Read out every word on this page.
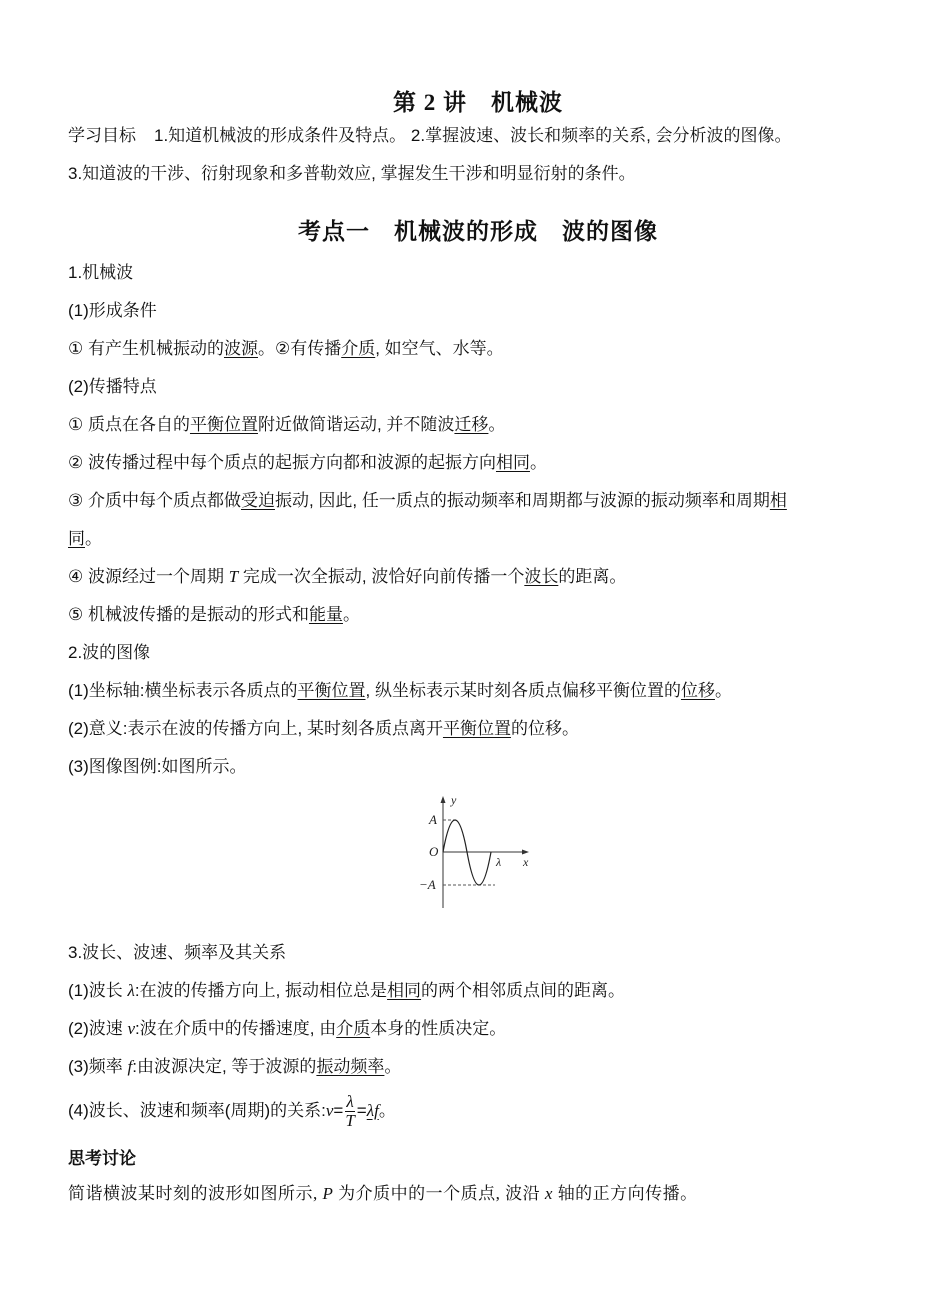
第 2 讲　 机械波
学习目标 1.知道机械波的形成条件及特点。 2.掌握波速、波长和频率的关系, 会分析波的图像。
3.知道波的干涉、衍射现象和多普勒效应, 掌握发生干涉和明显衍射的条件。
考点一　机械波的形成　波的图像
1.机械波
(1)形成条件
① 有产生机械振动的波源。②有传播介质, 如空气、水等。
(2)传播特点
① 质点在各自的平衡位置附近做简谐运动, 并不随波迁移。
② 波传播过程中每个质点的起振方向都和波源的起振方向相同。
③ 介质中每个质点都做受迫振动, 因此, 任一质点的振动频率和周期都与波源的振动频率和周期相
同。
④ 波源经过一个周期 T 完成一次全振动, 波恰好向前传播一个波长的距离。
⑤ 机械波传播的是振动的形式和能量。
2.波的图像
(1)坐标轴:横坐标表示各质点的平衡位置, 纵坐标表示某时刻各质点偏移平衡位置的位移。
(2)意义:表示在波的传播方向上, 某时刻各质点离开平衡位置的位移。
(3)图像图例:如图所示。
y
A
O
−A
λ x
3.波长、波速、频率及其关系
(1)波长 λ:在波的传播方向上, 振动相位总是相同的两个相邻质点间的距离。
(2)波速 v:波在介质中的传播速度, 由介质本身的性质决定。
(3)频率 f:由波源决定, 等于波源的振动频率。
(4)波长、波速和频率(周期)的关系:v= $\frac{\lambda}{T} =\lambda f$。
思考讨论
简谐横波某时刻的波形如图所示, P 为介质中的一个质点, 波沿 x 轴的正方向传播。
